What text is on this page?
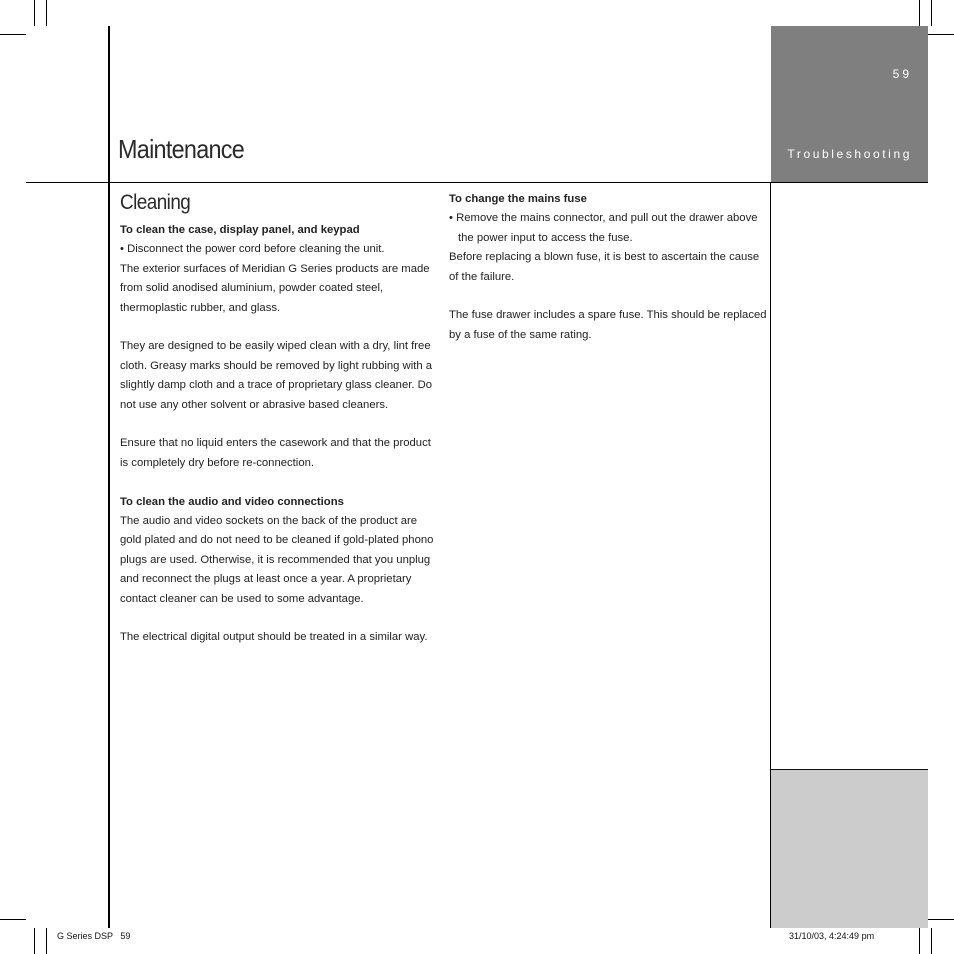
59
Troubleshooting
Maintenance
Cleaning

To clean the case, display panel, and keypad

• Disconnect the power cord before cleaning the unit.

The exterior surfaces of Meridian G Series products are made from solid anodised aluminium, powder coated steel, thermoplastic rubber, and glass.

They are designed to be easily wiped clean with a dry, lint free cloth. Greasy marks should be removed by light rubbing with a slightly damp cloth and a trace of proprietary glass cleaner. Do not use any other solvent or abrasive based cleaners.

Ensure that no liquid enters the casework and that the product is completely dry before re-connection.

To clean the audio and video connections

The audio and video sockets on the back of the product are gold plated and do not need to be cleaned if gold-plated phono plugs are used. Otherwise, it is recommended that you unplug and reconnect the plugs at least once a year. A proprietary contact cleaner can be used to some advantage.

The electrical digital output should be treated in a similar way.

To change the mains fuse

• Remove the mains connector, and pull out the drawer above the power input to access the fuse.

Before replacing a blown fuse, it is best to ascertain the cause of the failure.

The fuse drawer includes a spare fuse. This should be replaced by a fuse of the same rating.

G Series DSP   59	31/10/03, 4:24:49 pm
